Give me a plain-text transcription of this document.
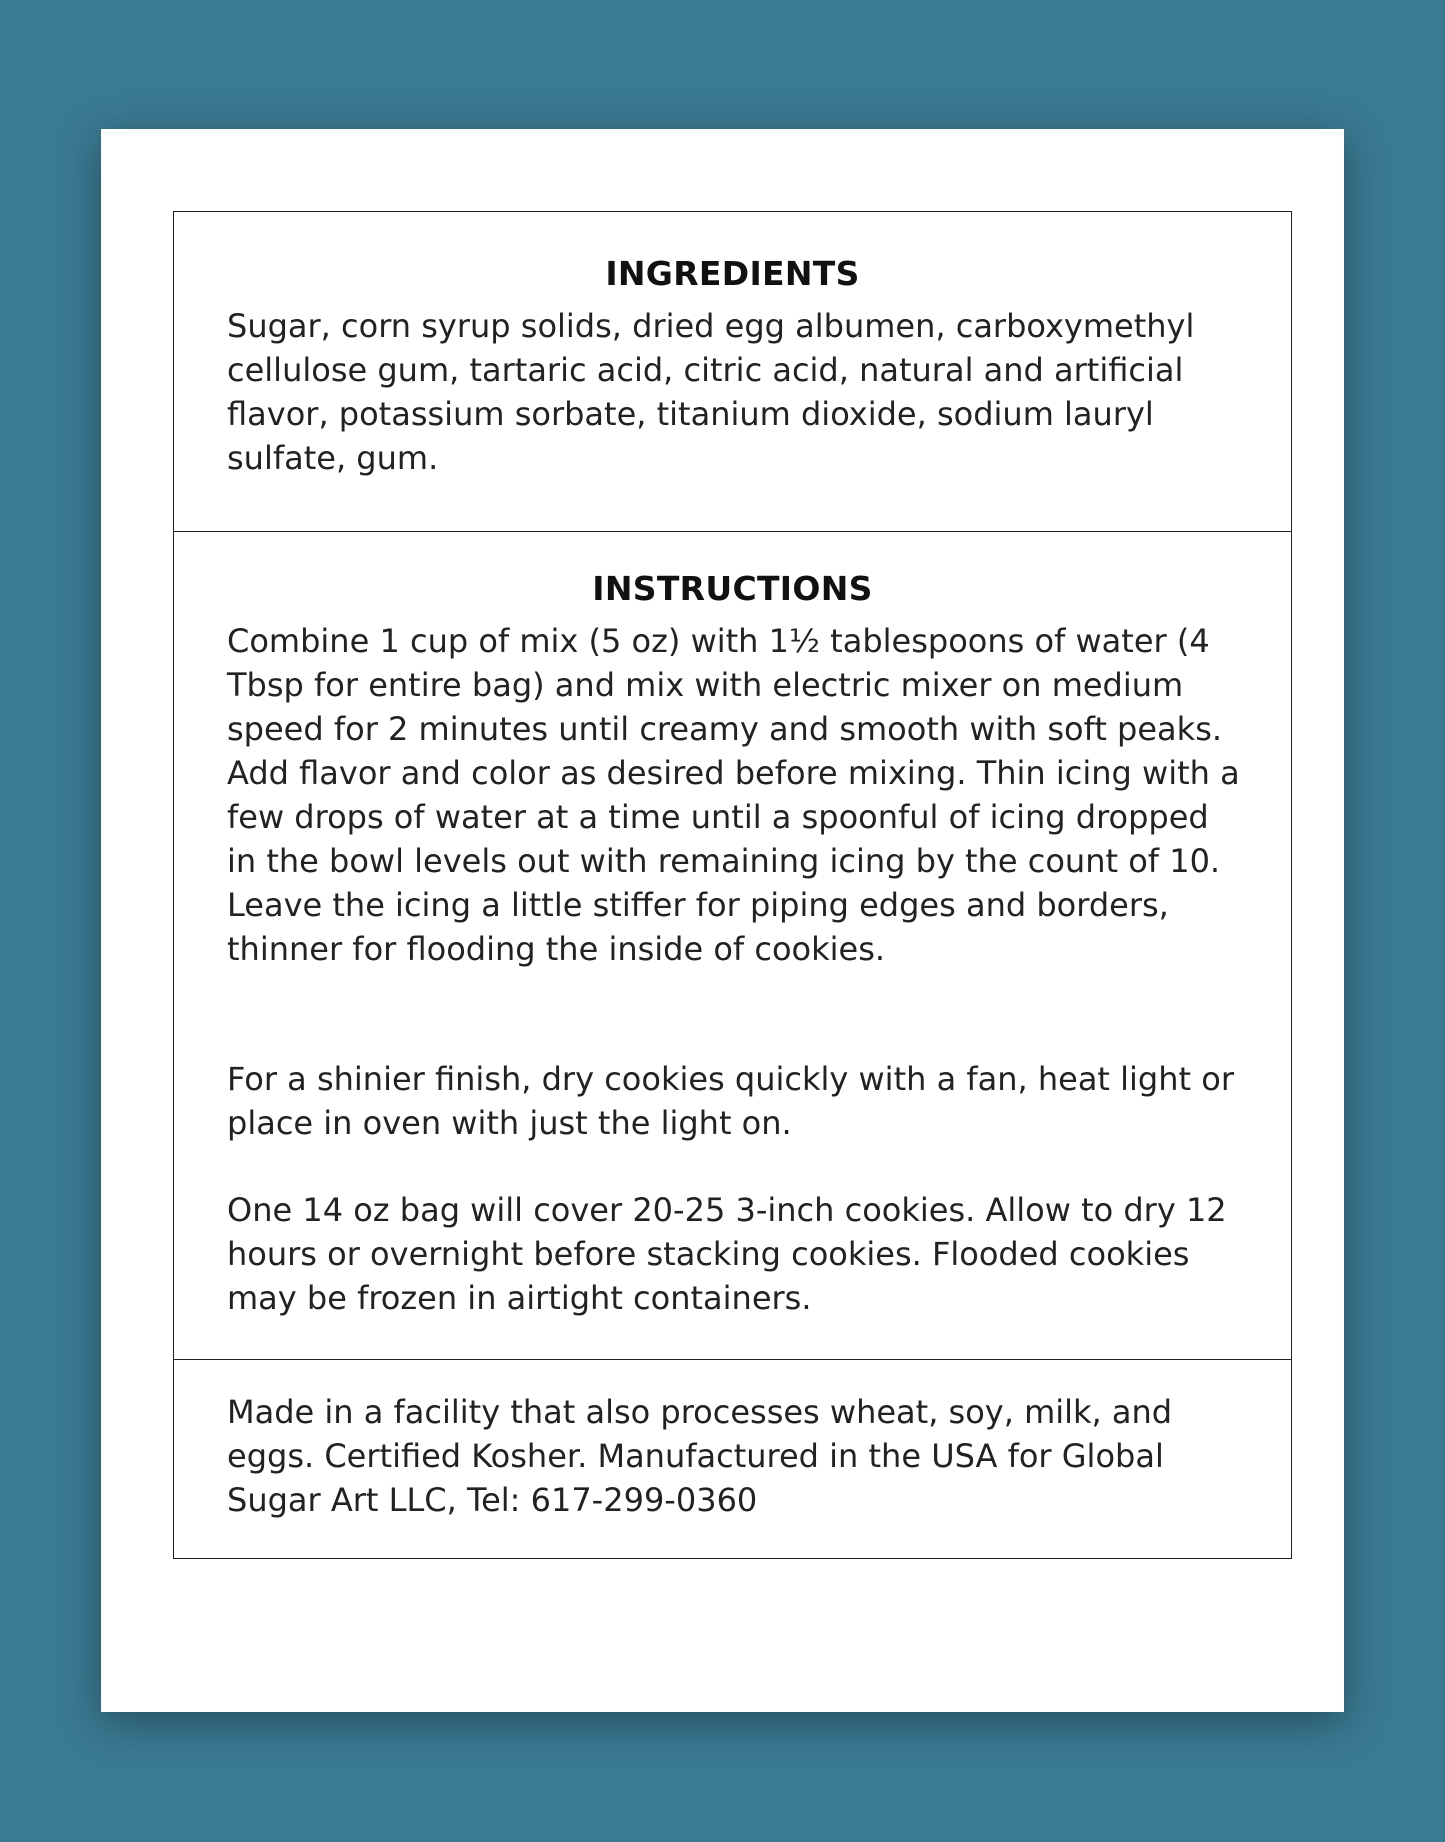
INGREDIENTS

Sugar, corn syrup solids, dried egg albumen, carboxymethyl cellulose gum, tartaric acid, citric acid, natural and artificial flavor, potassium sorbate, titanium dioxide, sodium lauryl sulfate, gum.

INSTRUCTIONS

Combine 1 cup of mix (5 oz) with 1½ tablespoons of water (4 Tbsp for entire bag) and mix with electric mixer on medium speed for 2 minutes until creamy and smooth with soft peaks. Add flavor and color as desired before mixing. Thin icing with a few drops of water at a time until a spoonful of icing dropped in the bowl levels out with remaining icing by the count of 10. Leave the icing a little stiffer for piping edges and borders, thinner for flooding the inside of cookies.

For a shinier finish, dry cookies quickly with a fan, heat light or place in oven with just the light on.

One 14 oz bag will cover 20-25 3-inch cookies. Allow to dry 12 hours or overnight before stacking cookies. Flooded cookies may be frozen in airtight containers.

Made in a facility that also processes wheat, soy, milk, and eggs. Certified Kosher. Manufactured in the USA for Global Sugar Art LLC, Tel: 617-299-0360
